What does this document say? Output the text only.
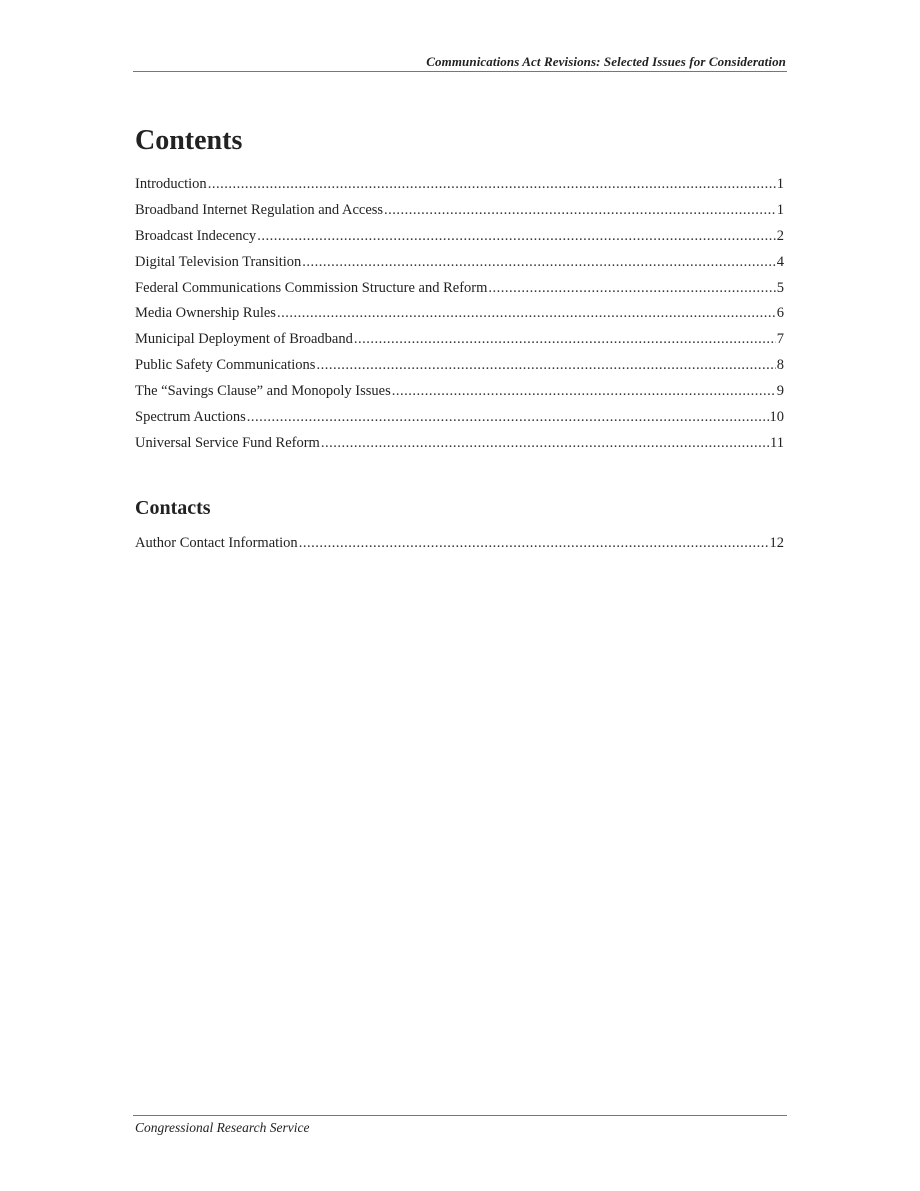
Communications Act Revisions: Selected Issues for Consideration
Contents
Introduction .....	1
Broadband Internet Regulation and Access .....	1
Broadcast Indecency .....	2
Digital Television Transition .....	4
Federal Communications Commission Structure and Reform .....	5
Media Ownership Rules .....	6
Municipal Deployment of Broadband .....	7
Public Safety Communications .....	8
The “Savings Clause” and Monopoly Issues .....	9
Spectrum Auctions .....	10
Universal Service Fund Reform .....	11
Contacts
Author Contact Information .....	12
Congressional Research Service
